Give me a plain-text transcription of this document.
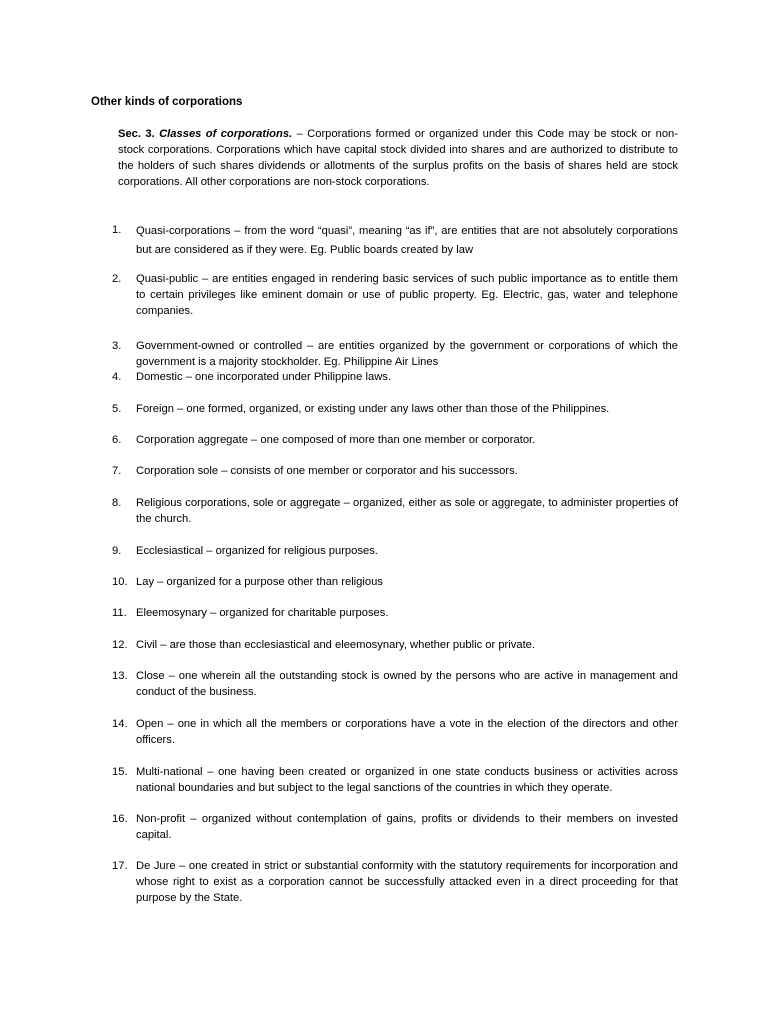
Other kinds of corporations

Sec. 3. Classes of corporations. – Corporations formed or organized under this Code may be stock or non-stock corporations. Corporations which have capital stock divided into shares and are authorized to distribute to the holders of such shares dividends or allotments of the surplus profits on the basis of shares held are stock corporations. All other corporations are non-stock corporations.

1.	Quasi-corporations – from the word “quasi”, meaning “as if”, are entities that are not absolutely corporations but are considered as if they were. Eg. Public boards created by law
2.	Quasi-public – are entities engaged in rendering basic services of such public importance as to entitle them to certain privileges like eminent domain or use of public property. Eg. Electric, gas, water and telephone companies.
3.	Government-owned or controlled – are entities organized by the government or corporations of which the government is a majority stockholder. Eg. Philippine Air Lines
4.	Domestic – one incorporated under Philippine laws.
5.	Foreign – one formed, organized, or existing under any laws other than those of the Philippines.
6.	Corporation aggregate – one composed of more than one member or corporator.
7.	Corporation sole – consists of one member or corporator and his successors.
8.	Religious corporations, sole or aggregate – organized, either as sole or aggregate, to administer properties of the church.
9.	Ecclesiastical – organized for religious purposes.
10. Lay – organized for a purpose other than religious
11. Eleemosynary – organized for charitable purposes.
12. Civil – are those than ecclesiastical and eleemosynary, whether public or private.
13. Close – one wherein all the outstanding stock is owned by the persons who are active in management and conduct of the business.
14. Open – one in which all the members or corporations have a vote in the election of the directors and other officers.
15. Multi-national – one having been created or organized in one state conducts business or activities across national boundaries and but subject to the legal sanctions of the countries in which they operate.
16. Non-profit – organized without contemplation of gains, profits or dividends to their members on invested capital.
17. De Jure – one created in strict or substantial conformity with the statutory requirements for incorporation and whose right to exist as a corporation cannot be successfully attacked even in a direct proceeding for that purpose by the State.
